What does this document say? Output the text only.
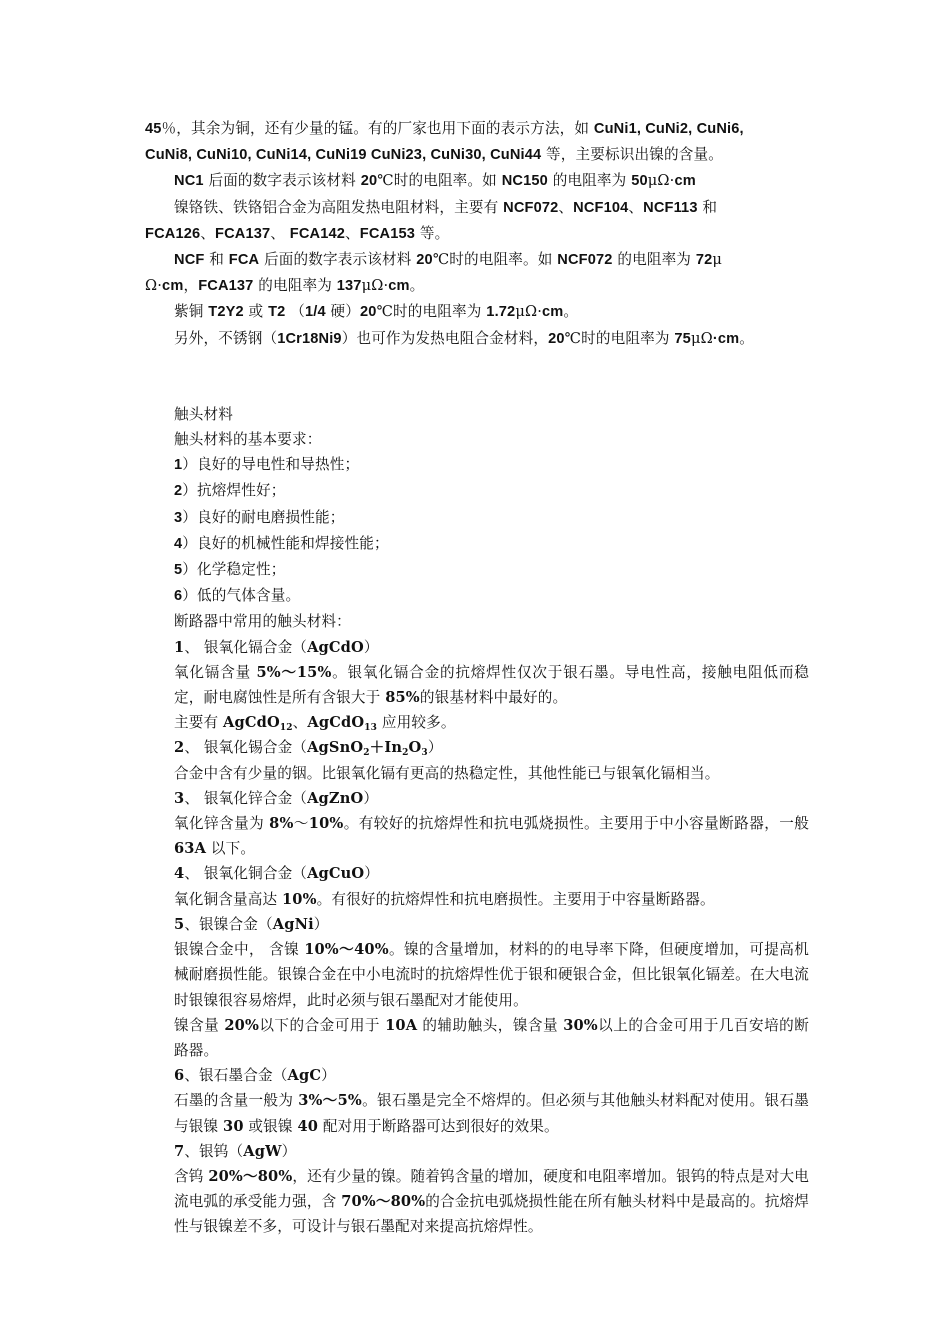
45％，其余为铜，还有少量的锰。有的厂家也用下面的表示方法，如 CuNi1, CuNi2, CuNi6,

CuNi8, CuNi10, CuNi14, CuNi19 CuNi23, CuNi30, CuNi44 等，主要标识出镍的含量。

NC1 后面的数字表示该材料 20℃时的电阻率。如 NC150 的电阻率为 50μΩ·cm

镍铬铁、铁铬铝合金为高阻发热电阻材料，主要有 NCF072、NCF104、NCF113 和

FCA126、FCA137、 FCA142、FCA153 等。

NCF 和 FCA 后面的数字表示该材料 20℃时的电阻率。如 NCF072 的电阻率为 72μ

Ω·cm，FCA137 的电阻率为 137μΩ·cm。

紫铜 T2Y2 或 T2 （1/4 硬）20℃时的电阻率为 1.72μΩ·cm。

另外，不锈钢（1Cr18Ni9）也可作为发热电阻合金材料，20℃时的电阻率为 75μΩ·cm。

触头材料

触头材料的基本要求：

1）良好的导电性和导热性；

2）抗熔焊性好；

3）良好的耐电磨损性能；

4）良好的机械性能和焊接性能；

5）化学稳定性；

6）低的气体含量。

断路器中常用的触头材料：

1、 银氧化镉合金（AgCdO）

氧化镉含量 5%～15%。银氧化镉合金的抗熔焊性仅次于银石墨。导电性高，接触电阻低而稳定，耐电腐蚀性是所有含银大于 85%的银基材料中最好的。

主要有 AgCdO$_{12}$、AgCdO$_{13}$ 应用较多。

2、 银氧化锡合金$(AgSnO_2+In_2O_3)$

合金中含有少量的铟。比银氧化镉有更高的热稳定性，其他性能已与银氧化镉相当。

3、 银氧化锌合金（AgZnO）

氧化锌含量为 8%～10%。有较好的抗熔焊性和抗电弧烧损性。主要用于中小容量断路器，一般 63A 以下。

4、 银氧化铜合金（AgCuO）

氧化铜含量高达 10%。有很好的抗熔焊性和抗电磨损性。主要用于中容量断路器。

5、银镍合金（AgNi）

银镍合金中， 含镍 10%～40%。镍的含量增加，材料的的电导率下降，但硬度增加，可提高机械耐磨损性能。银镍合金在中小电流时的抗熔焊性优于银和硬银合金，但比银氧化镉差。在大电流时银镍很容易熔焊，此时必须与银石墨配对才能使用。

镍含量 20%以下的合金可用于 10A 的辅助触头，镍含量 30%以上的合金可用于几百安培的断路器。

6、银石墨合金（AgC）

石墨的含量一般为 3%～5%。银石墨是完全不熔焊的。但必须与其他触头材料配对使用。银石墨与银镍 30 或银镍 40 配对用于断路器可达到很好的效果。

7、银钨（AgW）

含钨 20%～80%，还有少量的镍。随着钨含量的增加，硬度和电阻率增加。银钨的特点是对大电流电弧的承受能力强，含 70%～80%的合金抗电弧烧损性能在所有触头材料中是最高的。抗熔焊性与银镍差不多，可设计与银石墨配对来提高抗熔焊性。
